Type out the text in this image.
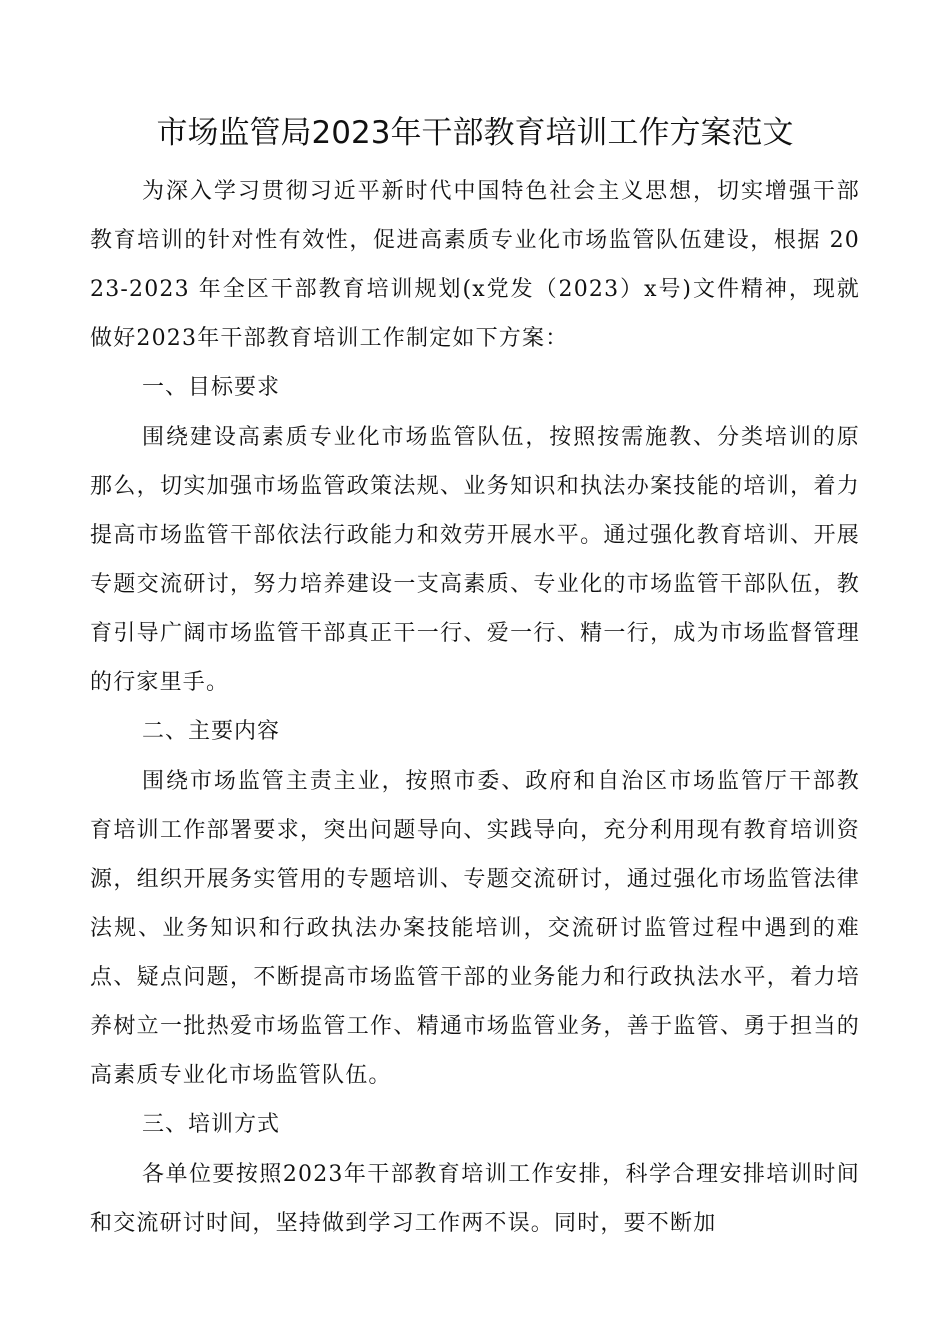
市场监管局2023年干部教育培训工作方案范文

为深入学习贯彻习近平新时代中国特色社会主义思想，切实增强干部教育培训的针对性有效性，促进高素质专业化市场监管队伍建设，根据 2023-2023 年全区干部教育培训规划(x党发（2023）x号)文件精神，现就做好2023年干部教育培训工作制定如下方案：

一、目标要求

围绕建设高素质专业化市场监管队伍，按照按需施教、分类培训的原那么，切实加强市场监管政策法规、业务知识和执法办案技能的培训，着力提高市场监管干部依法行政能力和效劳开展水平。通过强化教育培训、开展专题交流研讨，努力培养建设一支高素质、专业化的市场监管干部队伍，教育引导广阔市场监管干部真正干一行、爱一行、精一行，成为市场监督管理的行家里手。

二、主要内容

围绕市场监管主责主业，按照市委、政府和自治区市场监管厅干部教育培训工作部署要求，突出问题导向、实践导向，充分利用现有教育培训资源，组织开展务实管用的专题培训、专题交流研讨，通过强化市场监管法律法规、业务知识和行政执法办案技能培训，交流研讨监管过程中遇到的难点、疑点问题，不断提高市场监管干部的业务能力和行政执法水平，着力培养树立一批热爱市场监管工作、精通市场监管业务，善于监管、勇于担当的高素质专业化市场监管队伍。

三、培训方式

各单位要按照2023年干部教育培训工作安排，科学合理安排培训时间和交流研讨时间，坚持做到学习工作两不误。同时，要不断加
